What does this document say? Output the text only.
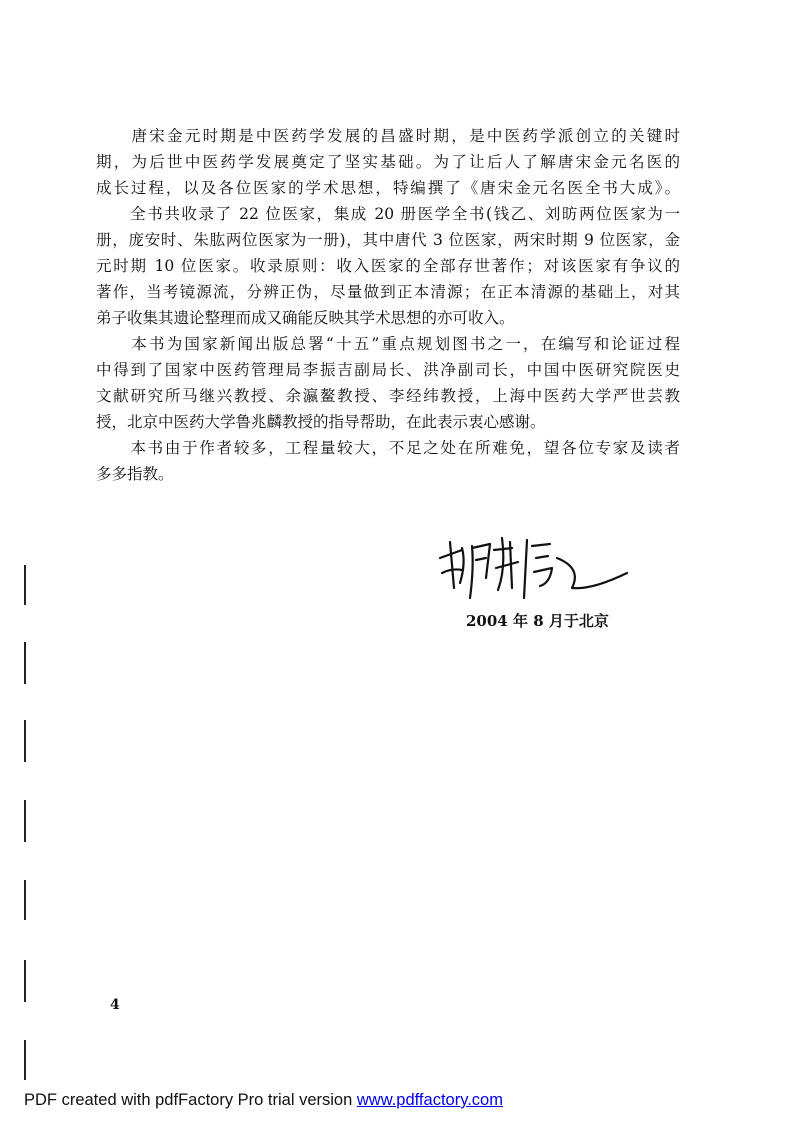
　　唐宋金元时期是中医药学发展的昌盛时期，是中医药学派创立的关键时
期，为后世中医药学发展奠定了坚实基础。为了让后人了解唐宋金元名医的
成长过程，以及各位医家的学术思想，特编撰了《唐宋金元名医全书大成》。
　　全书共收录了 22 位医家，集成 20 册医学全书(钱乙、刘昉两位医家为一
册，庞安时、朱肱两位医家为一册)，其中唐代 3 位医家，两宋时期 9 位医家，金
元时期 10 位医家。收录原则：收入医家的全部存世著作；对该医家有争议的
著作，当考镜源流，分辨正伪，尽量做到正本清源；在正本清源的基础上，对其
弟子收集其遗论整理而成又确能反映其学术思想的亦可收入。
　　本书为国家新闻出版总署“十五”重点规划图书之一，在编写和论证过程
中得到了国家中医药管理局李振吉副局长、洪净副司长，中国中医研究院医史
文献研究所马继兴教授、余瀛鳌教授、李经纬教授，上海中医药大学严世芸教
授，北京中医药大学鲁兆麟教授的指导帮助，在此表示衷心感谢。
　　本书由于作者较多，工程量较大，不足之处在所难免，望各位专家及读者
多多指教。
2004 年 8 月于北京
4
PDF created with pdfFactory Pro trial version www.pdffactory.com
